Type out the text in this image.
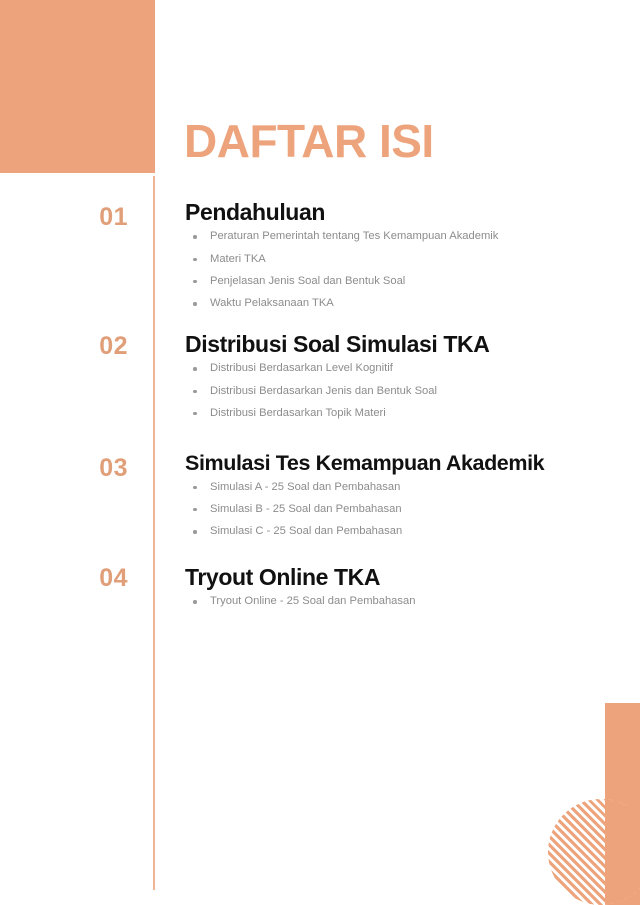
DAFTAR ISI
01 Pendahuluan
Peraturan Pemerintah tentang Tes Kemampuan Akademik
Materi TKA
Penjelasan Jenis Soal dan Bentuk Soal
Waktu Pelaksanaan TKA
02 Distribusi Soal Simulasi TKA
Distribusi Berdasarkan Level Kognitif
Distribusi Berdasarkan Jenis dan Bentuk Soal
Distribusi Berdasarkan Topik Materi
03	Simulasi Tes Kemampuan Akademik
Simulasi A - 25 Soal dan Pembahasan
Simulasi B - 25 Soal dan Pembahasan
Simulasi C - 25 Soal dan Pembahasan
04 Tryout Online TKA
Tryout Online - 25 Soal dan Pembahasan
